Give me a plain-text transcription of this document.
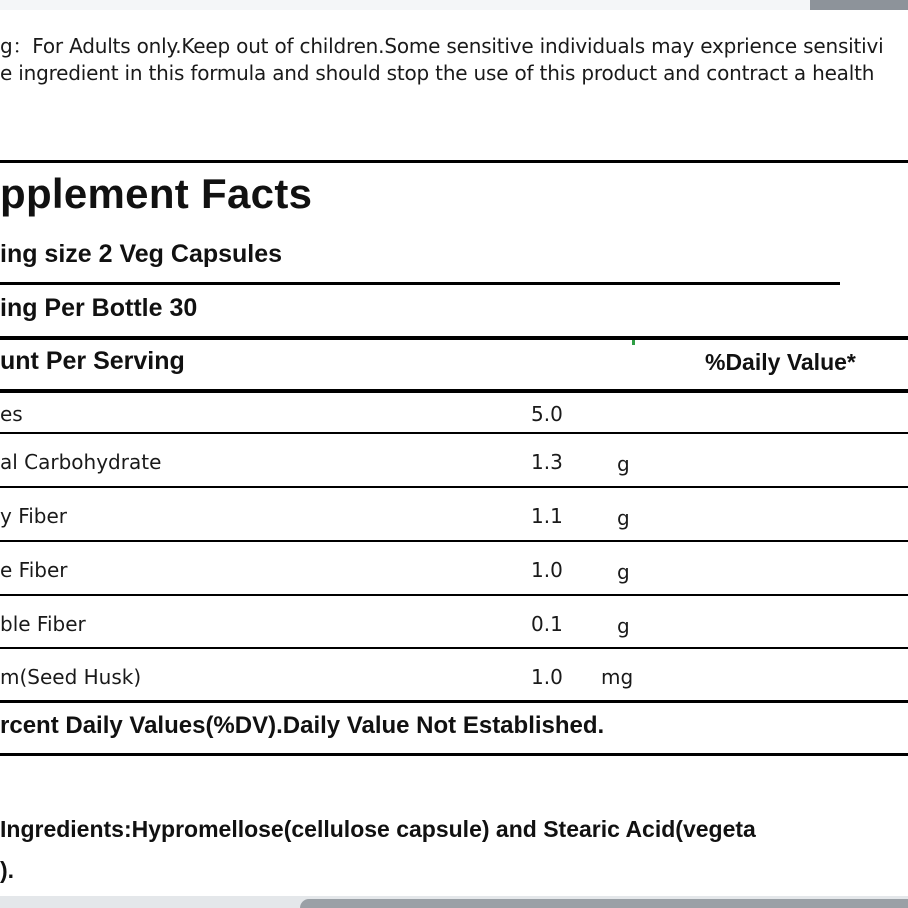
g：For Adults only.Keep out of children.Some sensitive individuals may exprience sensitivi
e ingredient in this formula and should stop the use of this product and contract a health
pplement Facts
ing size 2 Veg Capsules
ing Per Bottle 30
unt Per Serving	%Daily Value*
es	5.0
al Carbohydrate	1.3	g
y Fiber	1.1	g
e Fiber	1.0	g
ble Fiber	0.1	g
m(Seed Husk)	1.0 mg
rcent Daily Values(%DV).Daily Value Not Established.
Ingredients:Hypromellose(cellulose capsule) and Stearic Acid(vegeta
).
